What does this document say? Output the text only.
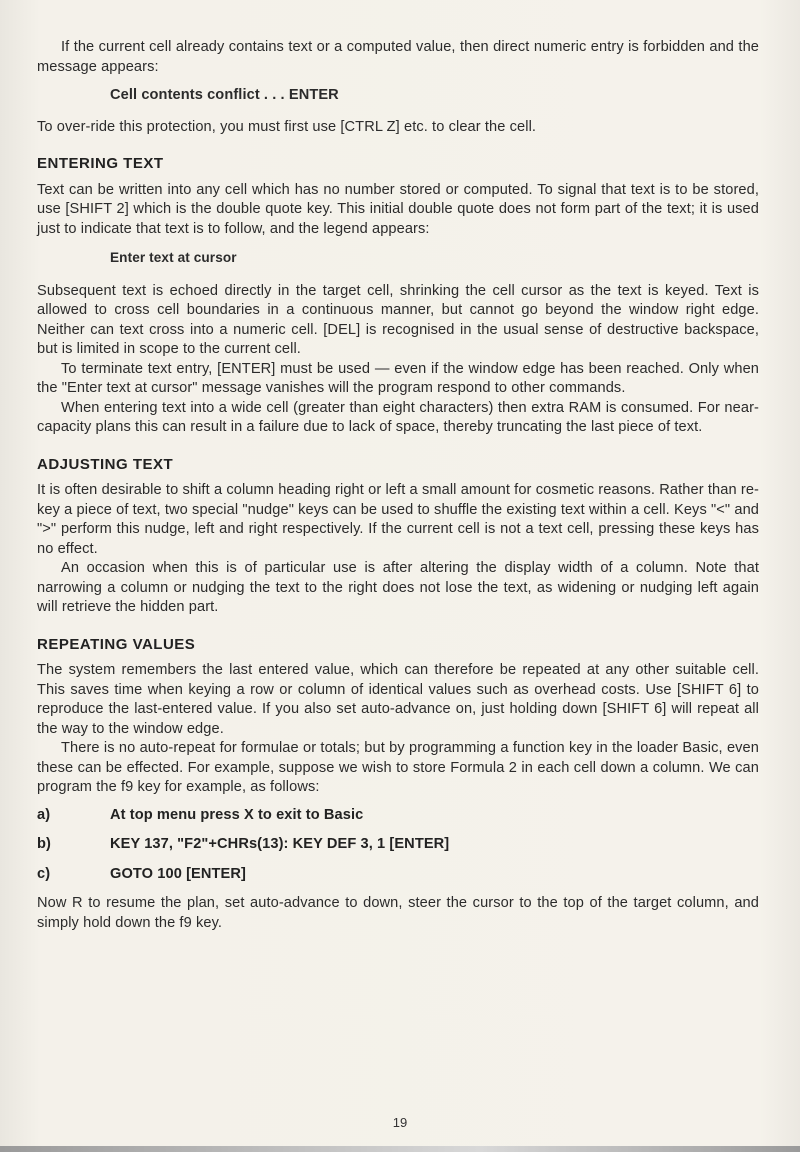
If the current cell already contains text or a computed value, then direct numeric entry is forbidden and the message appears:

Cell contents conflict . . . ENTER

To over-ride this protection, you must first use [CTRL Z] etc. to clear the cell.

ENTERING TEXT

Text can be written into any cell which has no number stored or computed. To signal that text is to be stored, use [SHIFT 2] which is the double quote key. This initial double quote does not form part of the text; it is used just to indicate that text is to follow, and the legend appears:

Enter text at cursor

Subsequent text is echoed directly in the target cell, shrinking the cell cursor as the text is keyed. Text is allowed to cross cell boundaries in a continuous manner, but cannot go beyond the window right edge. Neither can text cross into a numeric cell. [DEL] is recognised in the usual sense of destructive backspace, but is limited in scope to the current cell.

To terminate text entry, [ENTER] must be used — even if the window edge has been reached. Only when the "Enter text at cursor" message vanishes will the program respond to other commands.

When entering text into a wide cell (greater than eight characters) then extra RAM is consumed. For near-capacity plans this can result in a failure due to lack of space, thereby truncating the last piece of text.

ADJUSTING TEXT

It is often desirable to shift a column heading right or left a small amount for cosmetic reasons. Rather than re-key a piece of text, two special "nudge" keys can be used to shuffle the existing text within a cell. Keys "<" and ">" perform this nudge, left and right respectively. If the current cell is not a text cell, pressing these keys has no effect.

An occasion when this is of particular use is after altering the display width of a column. Note that narrowing a column or nudging the text to the right does not lose the text, as widening or nudging left again will retrieve the hidden part.

REPEATING VALUES

The system remembers the last entered value, which can therefore be repeated at any other suitable cell. This saves time when keying a row or column of identical values such as overhead costs. Use [SHIFT 6] to reproduce the last-entered value. If you also set auto-advance on, just holding down [SHIFT 6] will repeat all the way to the window edge.

There is no auto-repeat for formulae or totals; but by programming a function key in the loader Basic, even these can be effected. For example, suppose we wish to store Formula 2 in each cell down a column. We can program the f9 key for example, as follows:

a)	At top menu press X to exit to Basic
b)	KEY 137, "F2"+CHRs(13): KEY DEF 3, 1 [ENTER]
c)	GOTO 100 [ENTER]

Now R to resume the plan, set auto-advance to down, steer the cursor to the top of the target column, and simply hold down the f9 key.

19
